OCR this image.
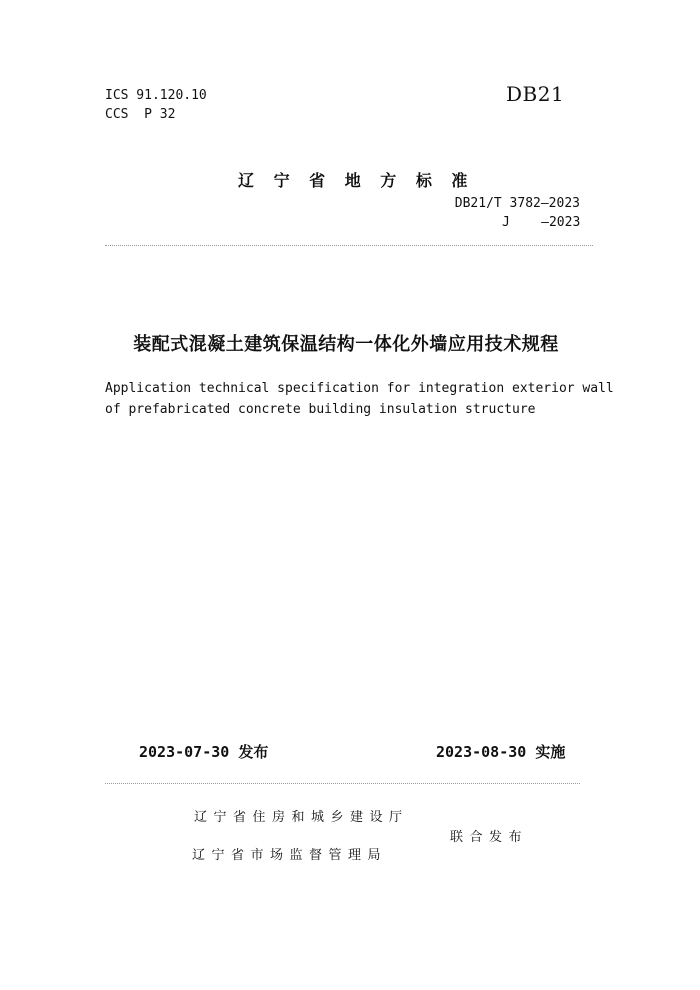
ICS 91.120.10
CCS  P 32
DB21
辽 宁 省 地 方 标 准
DB21/T 3782—2023
J    —2023
装配式混凝土建筑保温结构一体化外墙应用技术规程
Application technical specification for integration exterior wall
of prefabricated concrete building insulation structure
2023-07-30 发布	2023-08-30 实施
辽宁省住房和城乡建设厅
辽宁省市场监督管理局
联合发布
